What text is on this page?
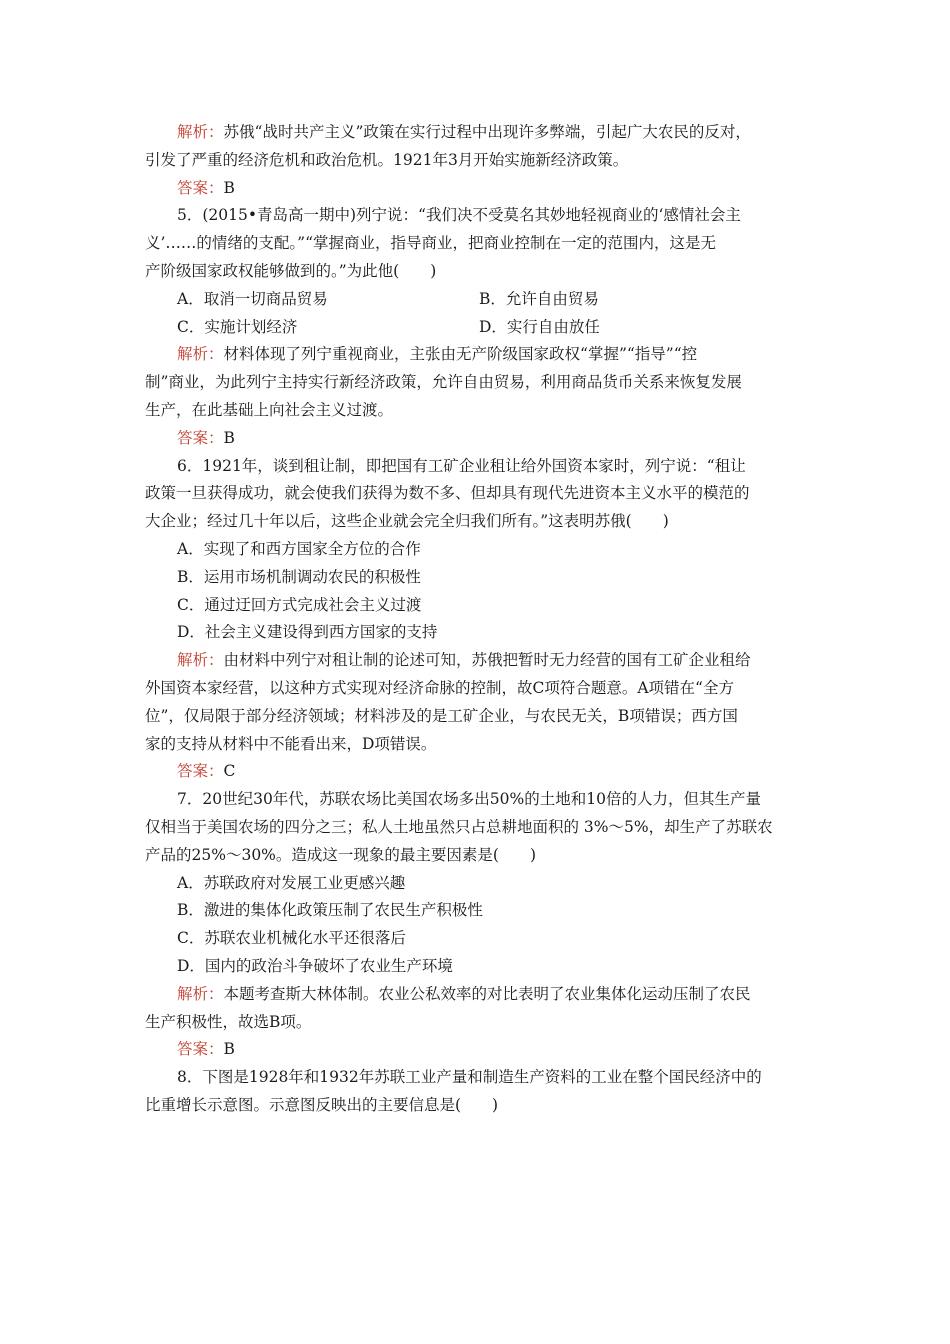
解析：苏俄“战时共产主义”政策在实行过程中出现许多弊端，引起广大农民的反对，
引发了严重的经济危机和政治危机。1921年3月开始实施新经济政策。
答案：B
5．(2015•青岛高一期中)列宁说：“我们决不受莫名其妙地轻视商业的‘感情社会主
义’……的情绪的支配。”“掌握商业，指导商业，把商业控制在一定的范围内，这是无
产阶级国家政权能够做到的。”为此他(　　)
A．取消一切商品贸易	B．允许自由贸易
C．实施计划经济	D．实行自由放任
解析：材料体现了列宁重视商业，主张由无产阶级国家政权“掌握”“指导”“控
制”商业，为此列宁主持实行新经济政策，允许自由贸易，利用商品货币关系来恢复发展
生产，在此基础上向社会主义过渡。
答案：B
6．1921年，谈到租让制，即把国有工矿企业租让给外国资本家时，列宁说：“租让
政策一旦获得成功，就会使我们获得为数不多、但却具有现代先进资本主义水平的模范的
大企业；经过几十年以后，这些企业就会完全归我们所有。”这表明苏俄(　　)
A．实现了和西方国家全方位的合作
B．运用市场机制调动农民的积极性
C．通过迂回方式完成社会主义过渡
D．社会主义建设得到西方国家的支持
解析：由材料中列宁对租让制的论述可知，苏俄把暂时无力经营的国有工矿企业租给
外国资本家经营，以这种方式实现对经济命脉的控制，故C项符合题意。A项错在“全方
位”，仅局限于部分经济领域；材料涉及的是工矿企业，与农民无关，B项错误；西方国
家的支持从材料中不能看出来，D项错误。
答案：C
7．20世纪30年代，苏联农场比美国农场多出50%的土地和10倍的人力，但其生产量
仅相当于美国农场的四分之三；私人土地虽然只占总耕地面积的 3%～5%，却生产了苏联农
产品的25%～30%。造成这一现象的最主要因素是(　　)
A．苏联政府对发展工业更感兴趣
B．激进的集体化政策压制了农民生产积极性
C．苏联农业机械化水平还很落后
D．国内的政治斗争破坏了农业生产环境
解析：本题考查斯大林体制。农业公私效率的对比表明了农业集体化运动压制了农民
生产积极性，故选B项。
答案：B
8．下图是1928年和1932年苏联工业产量和制造生产资料的工业在整个国民经济中的
比重增长示意图。示意图反映出的主要信息是(　　)
